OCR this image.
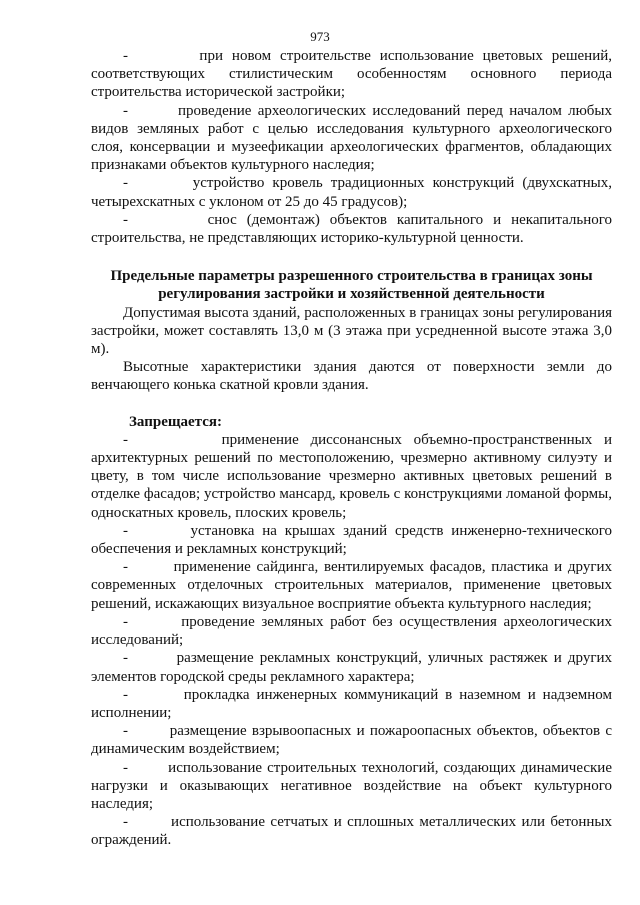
973

-        при новом строительстве использование цветовых решений, соответствующих стилистическим особенностям основного периода строительства исторической застройки;

-        проведение археологических исследований перед началом любых видов земляных работ с целью исследования культурного археологического слоя, консервации и музеефикации археологических фрагментов, обладающих признаками объектов культурного наследия;

-        устройство кровель традиционных конструкций (двухскатных, четырехскатных с уклоном от 25 до 45 градусов);

-        снос (демонтаж) объектов капитального и некапитального строительства, не представляющих историко-культурной ценности.

Предельные параметры разрешенного строительства в границах зоны
регулирования застройки и хозяйственной деятельности

Допустимая высота зданий, расположенных в границах зоны регулирования застройки, может составлять 13,0 м (3 этажа при усредненной высоте этажа 3,0 м).

Высотные характеристики здания даются от поверхности земли до венчающего конька скатной кровли здания.

Запрещается:

-        применение диссонансных объемно-пространственных и архитектурных решений по местоположению, чрезмерно активному силуэту и цвету, в том числе использование чрезмерно активных цветовых решений в отделке фасадов; устройство мансард, кровель с конструкциями ломаной формы, односкатных кровель, плоских кровель;

-        установка на крышах зданий средств инженерно-технического обеспечения и рекламных конструкций;

-        применение сайдинга, вентилируемых фасадов, пластика и других современных отделочных строительных материалов, применение цветовых решений, искажающих визуальное восприятие объекта культурного наследия;

-        проведение земляных работ без осуществления археологических исследований;

-        размещение рекламных конструкций, уличных растяжек и других элементов городской среды рекламного характера;

-        прокладка инженерных коммуникаций в наземном и надземном исполнении;

-        размещение взрывоопасных и пожароопасных объектов, объектов с динамическим воздействием;

-        использование строительных технологий, создающих динамические нагрузки и оказывающих негативное воздействие на объект культурного наследия;

-        использование сетчатых и сплошных металлических или бетонных ограждений.
